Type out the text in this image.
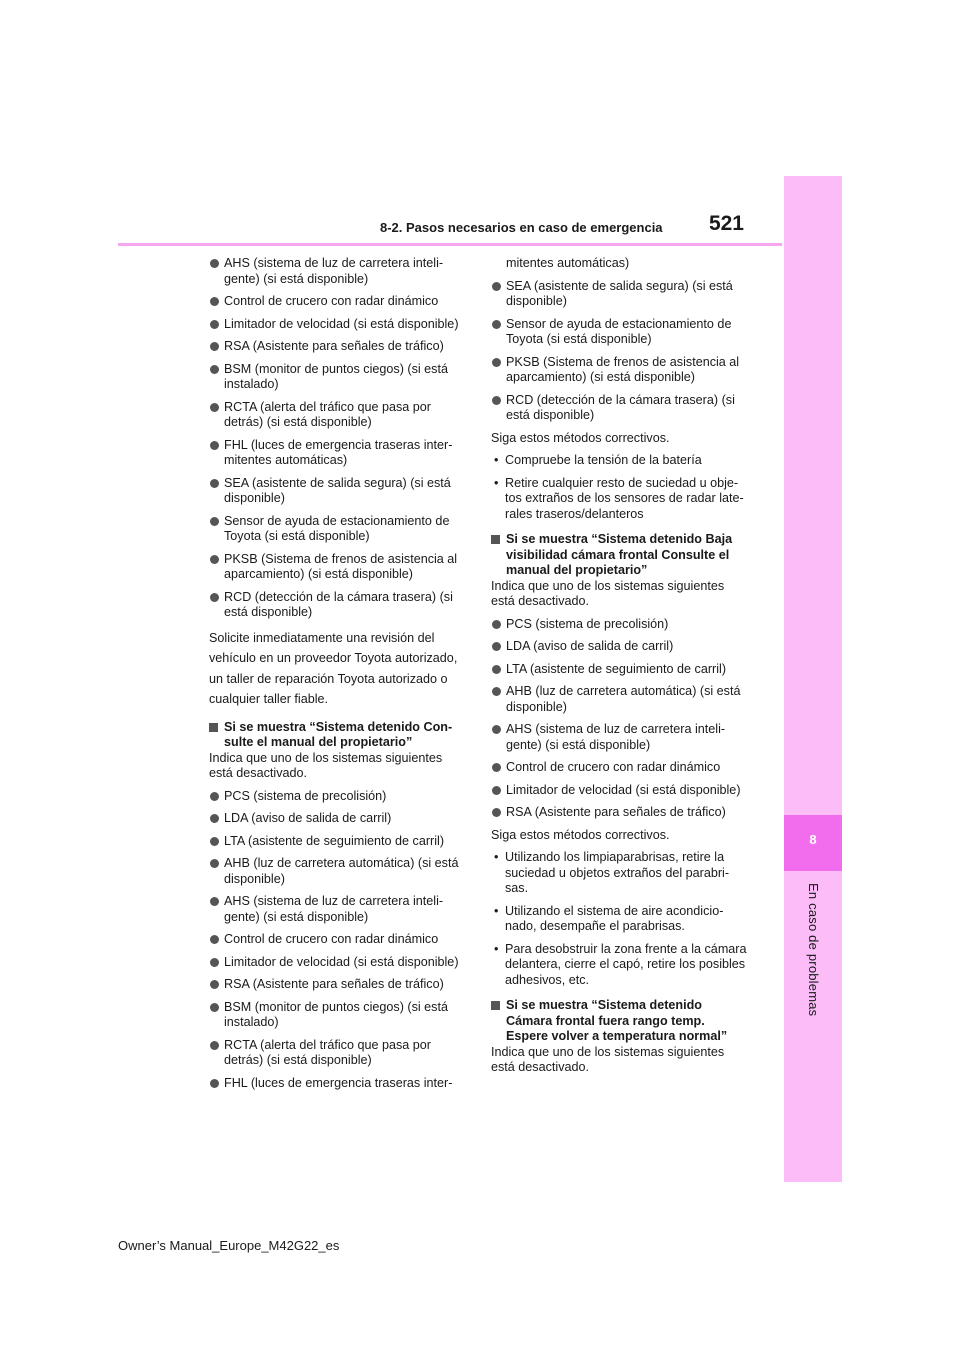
8-2. Pasos necesarios en caso de emergencia 521
8
En caso de problemas
AHS (sistema de luz de carretera inteli-gente) (si está disponible)
Control de crucero con radar dinámico
Limitador de velocidad (si está disponible)
RSA (Asistente para señales de tráfico)
BSM (monitor de puntos ciegos) (si está instalado)
RCTA (alerta del tráfico que pasa por detrás) (si está disponible)
FHL (luces de emergencia traseras inter-mitentes automáticas)
SEA (asistente de salida segura) (si está disponible)
Sensor de ayuda de estacionamiento de Toyota (si está disponible)
PKSB (Sistema de frenos de asistencia al aparcamiento) (si está disponible)
RCD (detección de la cámara trasera) (si está disponible)
Solicite inmediatamente una revisión del vehículo en un proveedor Toyota autorizado, un taller de reparación Toyota autorizado o cualquier taller fiable.
Si se muestra “Sistema detenido Con-sulte el manual del propietario”
Indica que uno de los sistemas siguientes está desactivado.
PCS (sistema de precolisión)
LDA (aviso de salida de carril)
LTA (asistente de seguimiento de carril)
AHB (luz de carretera automática) (si está disponible)
AHS (sistema de luz de carretera inteli-gente) (si está disponible)
Control de crucero con radar dinámico
Limitador de velocidad (si está disponible)
RSA (Asistente para señales de tráfico)
BSM (monitor de puntos ciegos) (si está instalado)
RCTA (alerta del tráfico que pasa por detrás) (si está disponible)
FHL (luces de emergencia traseras inter-
mitentes automáticas)
SEA (asistente de salida segura) (si está disponible)
Sensor de ayuda de estacionamiento de Toyota (si está disponible)
PKSB (Sistema de frenos de asistencia al aparcamiento) (si está disponible)
RCD (detección de la cámara trasera) (si está disponible)
Siga estos métodos correctivos.
• Compruebe la tensión de la batería
• Retire cualquier resto de suciedad u obje-tos extraños de los sensores de radar late-rales traseros/delanteros
Si se muestra “Sistema detenido Baja visibilidad cámara frontal Consulte el manual del propietario”
Indica que uno de los sistemas siguientes está desactivado.
PCS (sistema de precolisión)
LDA (aviso de salida de carril)
LTA (asistente de seguimiento de carril)
AHB (luz de carretera automática) (si está disponible)
AHS (sistema de luz de carretera inteli-gente) (si está disponible)
Control de crucero con radar dinámico
Limitador de velocidad (si está disponible)
RSA (Asistente para señales de tráfico)
Siga estos métodos correctivos.
• Utilizando los limpiaparabrisas, retire la suciedad u objetos extraños del parabri-sas.
• Utilizando el sistema de aire acondicio-nado, desempañe el parabrisas.
• Para desobstruir la zona frente a la cámara delantera, cierre el capó, retire los posibles adhesivos, etc.
Si se muestra “Sistema detenido Cámara frontal fuera rango temp. Espere volver a temperatura normal”
Indica que uno de los sistemas siguientes está desactivado.
Owner’s Manual_Europe_M42G22_es
